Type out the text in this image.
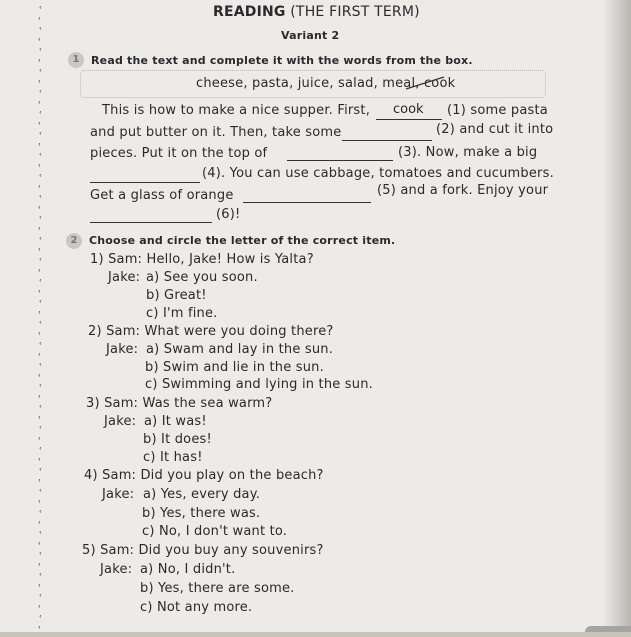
ʿ
ʿ
ʿ
ʿ
ʿ
ʿ
ʿ
ʿ
ʿ
ʿ
ʿ
ʿ
ʿ
ʿ
ʿ
ʿ
ʿ
ʿ
ʿ
ʿ
ʿ
ʿ
ʿ
ʿ
ʿ
ʿ
ʿ
ʿ
ʿ
ʿ
ʿ
ʿ
ʿ
ʿ
ʿ
ʿ
ʿ
ʿ
ʿ
ʿ
ʿ
ʿ
ʿ
ʿ
ʿ
ʿ
ʿ
ʿ
ʿ
ʿ
ʿ
ʿ
ʿ
ʿ
ʿ
ʿ
ʿ
ʿ
ʿ
ʿ
READING (THE FIRST TERM)
Variant 2
1	Read the text and complete it with the words from the box.
cheese, pasta, juice, salad, meal, cook
This is how to make a nice supper. First, cook (1) some pasta
and put butter on it. Then, take some	(2) and cut it into
pieces. Put it on the top of	(3). Now, make a big
(4). You can use cabbage, tomatoes and cucumbers.
Get a glass of orange	(5) and a fork. Enjoy your
(6)!
2	Choose and circle the letter of the correct item.
1) Sam: Hello, Jake! How is Yalta?
Jake: a) See you soon.
b) Great!
c) I'm fine.
2) Sam: What were you doing there?
Jake: a) Swam and lay in the sun.
b) Swim and lie in the sun.
c) Swimming and lying in the sun.
3) Sam: Was the sea warm?
Jake: a) It was!
b) It does!
c) It has!
4) Sam: Did you play on the beach?
Jake: a) Yes, every day.
b) Yes, there was.
c) No, I don't want to.
5) Sam: Did you buy any souvenirs?
Jake: a) No, I didn't.
b) Yes, there are some.
c) Not any more.
